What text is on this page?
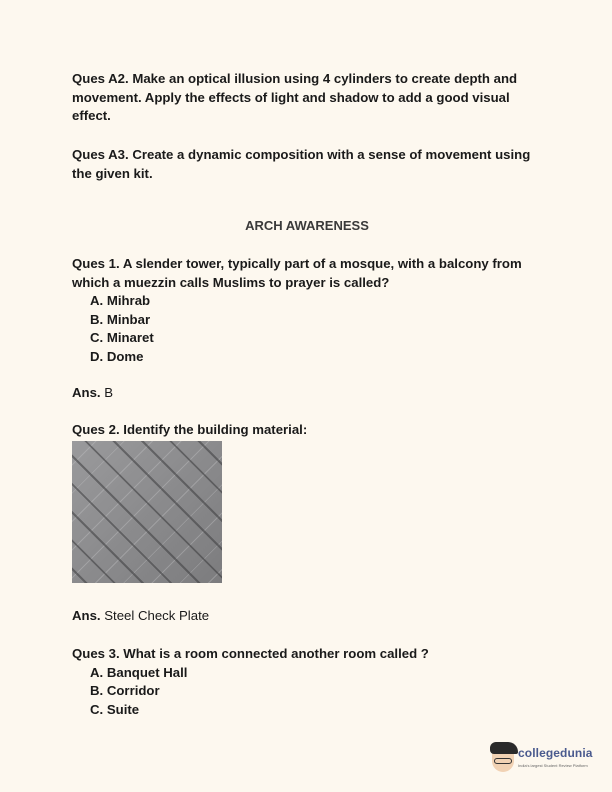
Ques A2. Make an optical illusion using 4 cylinders to create depth and movement. Apply the effects of light and shadow to add a good visual effect.

Ques A3. Create a dynamic composition with a sense of movement using the given kit.

ARCH AWARENESS

Ques 1. A slender tower, typically part of a mosque, with a balcony from which a muezzin calls Muslims to prayer is called?

A. Mihrab
B. Minbar
C. Minaret
D. Dome

Ans. B

Ques 2. Identify the building material:

Ans. Steel Check Plate

Ques 3. What is a room connected another room called ?

A. Banquet Hall
B. Corridor
C. Suite
collegedunia
India's largest Student Review Platform
